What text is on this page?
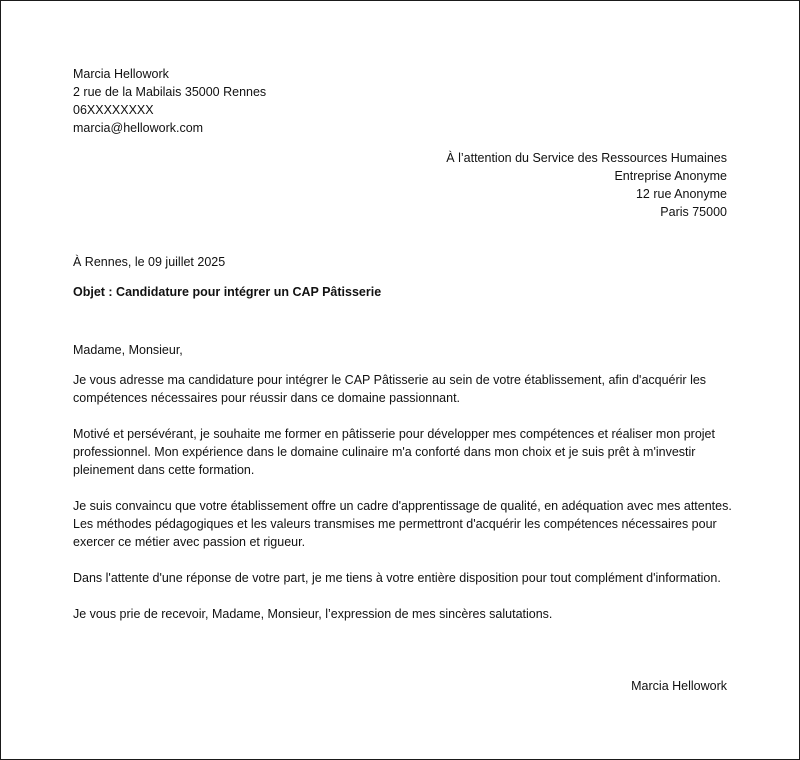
Marcia Hellowork
2 rue de la Mabilais 35000 Rennes
06XXXXXXXX
marcia@hellowork.com
À l’attention du Service des Ressources Humaines
Entreprise Anonyme
12 rue Anonyme
Paris 75000
À Rennes, le 09 juillet 2025
Objet : Candidature pour intégrer un CAP Pâtisserie

Madame, Monsieur,

Je vous adresse ma candidature pour intégrer le CAP Pâtisserie au sein de votre établissement, afin d'acquérir les compétences nécessaires pour réussir dans ce domaine passionnant.

Motivé et persévérant, je souhaite me former en pâtisserie pour développer mes compétences et réaliser mon projet professionnel. Mon expérience dans le domaine culinaire m'a conforté dans mon choix et je suis prêt à m'investir pleinement dans cette formation.

Je suis convaincu que votre établissement offre un cadre d'apprentissage de qualité, en adéquation avec mes attentes. Les méthodes pédagogiques et les valeurs transmises me permettront d'acquérir les compétences nécessaires pour exercer ce métier avec passion et rigueur.

Dans l'attente d'une réponse de votre part, je me tiens à votre entière disposition pour tout complément d'information.

Je vous prie de recevoir, Madame, Monsieur, l’expression de mes sincères salutations.

Marcia Hellowork
